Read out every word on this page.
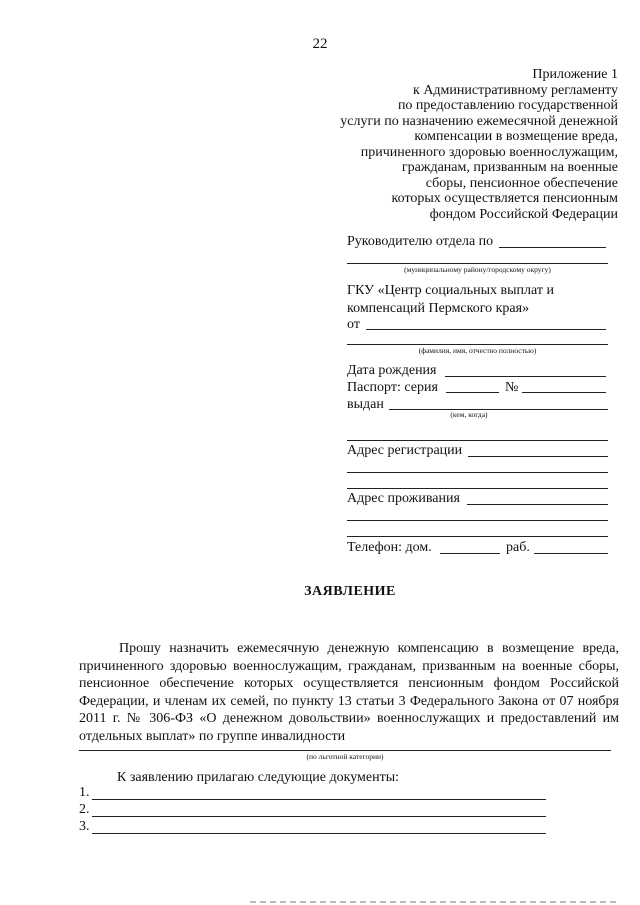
22
Приложение 1
к Административному регламенту
по предоставлению государственной
услуги по назначению ежемесячной денежной
компенсации в возмещение вреда,
причиненного здоровью военнослужащим,
гражданам, призванным на военные
сборы, пенсионное обеспечение
которых осуществляется пенсионным
фондом Российской Федерации
Руководителю отдела по
(муниципальному району/городскому округу)
ГКУ «Центр социальных выплат и
компенсаций Пермского края»
от
(фамилия, имя, отчество полностью)
Дата рождения
Паспорт: серия	№
выдан
(кем, когда)
Адрес регистрации
Адрес проживания
Телефон: дом.	раб.
ЗАЯВЛЕНИЕ

Прошу назначить ежемесячную денежную компенсацию в возмещение вреда, причиненного здоровью военнослужащим, гражданам, призванным на военные сборы, пенсионное обеспечение которых осуществляется пенсионным фондом Российской Федерации, и членам их семей, по пункту 13 статьи 3 Федерального Закона от 07 ноября 2011 г. № 306-ФЗ «О денежном довольствии» военнослужащих и предоставлений им отдельных выплат» по группе инвалидности

(по льготной категории)
К заявлению прилагаю следующие документы:
1.
2.
3.
